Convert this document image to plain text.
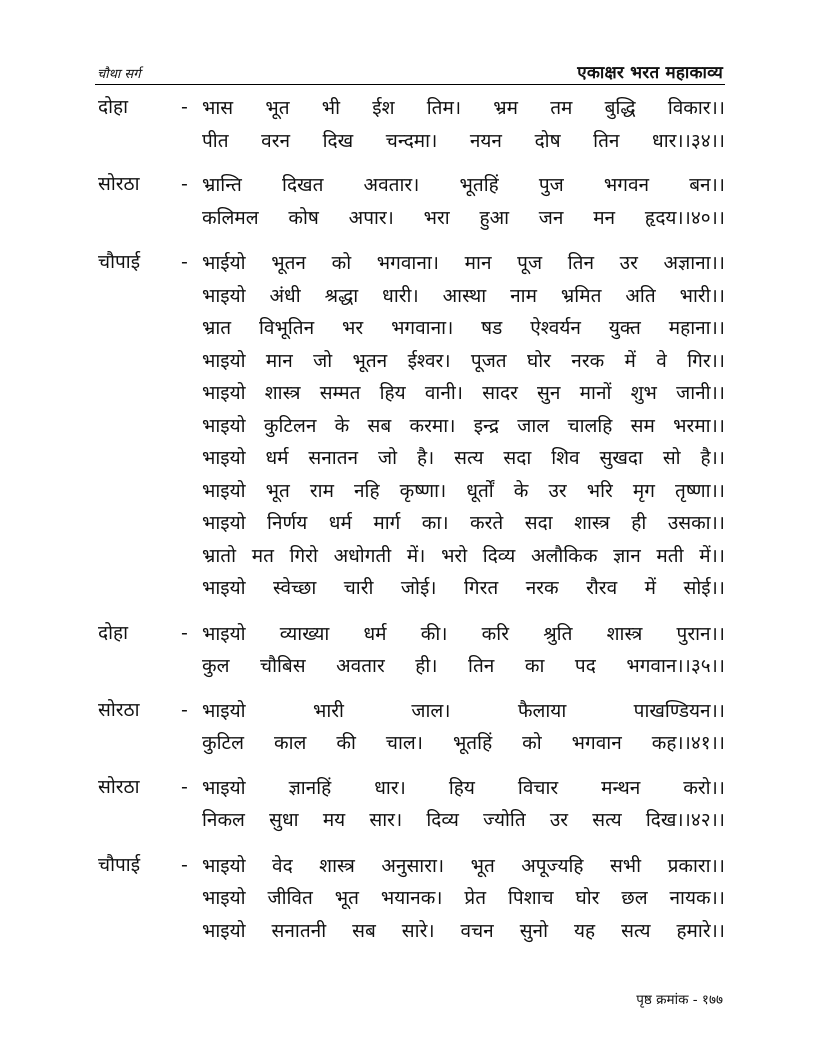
चौथा सर्ग	एकाक्षर भरत महाकाव्य
दोहा	- भास भूत भी ईश तिम। भ्रम तम बुद्धि विकार।।
पीत वरन दिख चन्दमा। नयन दोष तिन धार।।३४।।
सोरठा - भ्रान्ति दिखत अवतार। भूतहिं पुज भगवन बन।।
कलिमल कोष अपार। भरा हुआ जन मन हृदय।।४०।।
चौपाई - भाईयो भूतन को भगवाना। मान पूज तिन उर अज्ञाना।।
भाइयो अंधी श्रद्धा धारी। आस्था नाम भ्रमित अति भारी।।
भ्रात विभूतिन भर भगवाना। षड ऐश्वर्यन युक्त महाना।।
भाइयो मान जो भूतन ईश्वर। पूजत घोर नरक में वे गिर।।
भाइयो शास्त्र सम्मत हिय वानी। सादर सुन मानों शुभ जानी।।
भाइयो कुटिलन के सब करमा। इन्द्र जाल चालहि सम भरमा।।
भाइयो धर्म सनातन जो है। सत्य सदा शिव सुखदा सो है।।
भाइयो भूत राम नहि कृष्णा। धूर्तों के उर भरि मृग तृष्णा।।
भाइयो निर्णय धर्म मार्ग का। करते सदा शास्त्र ही उसका।।
भ्रातो मत गिरो अधोगती में। भरो दिव्य अलौकिक ज्ञान मती में।।
भाइयो स्वेच्छा चारी जोई। गिरत नरक रौरव में सोई।।
दोहा	- भाइयो व्याख्या धर्म की। करि श्रुति शास्त्र पुरान।।
कुल चौबिस अवतार ही। तिन का पद भगवान।।३५।।
सोरठा - भाइयो भारी जाल। फैलाया पाखण्डियन।।
कुटिल काल की चाल। भूतहिं को भगवान कह।।४१।।
सोरठा - भाइयो ज्ञानहिं धार। हिय विचार मन्थन करो।।
निकल सुधा मय सार। दिव्य ज्योति उर सत्य दिख।।४२।।
चौपाई - भाइयो वेद शास्त्र अनुसारा। भूत अपूज्यहि सभी प्रकारा।।
भाइयो जीवित भूत भयानक। प्रेत पिशाच घोर छल नायक।।
भाइयो सनातनी सब सारे। वचन सुनो यह सत्य हमारे।।
पृष्ठ क्रमांक - १७७
